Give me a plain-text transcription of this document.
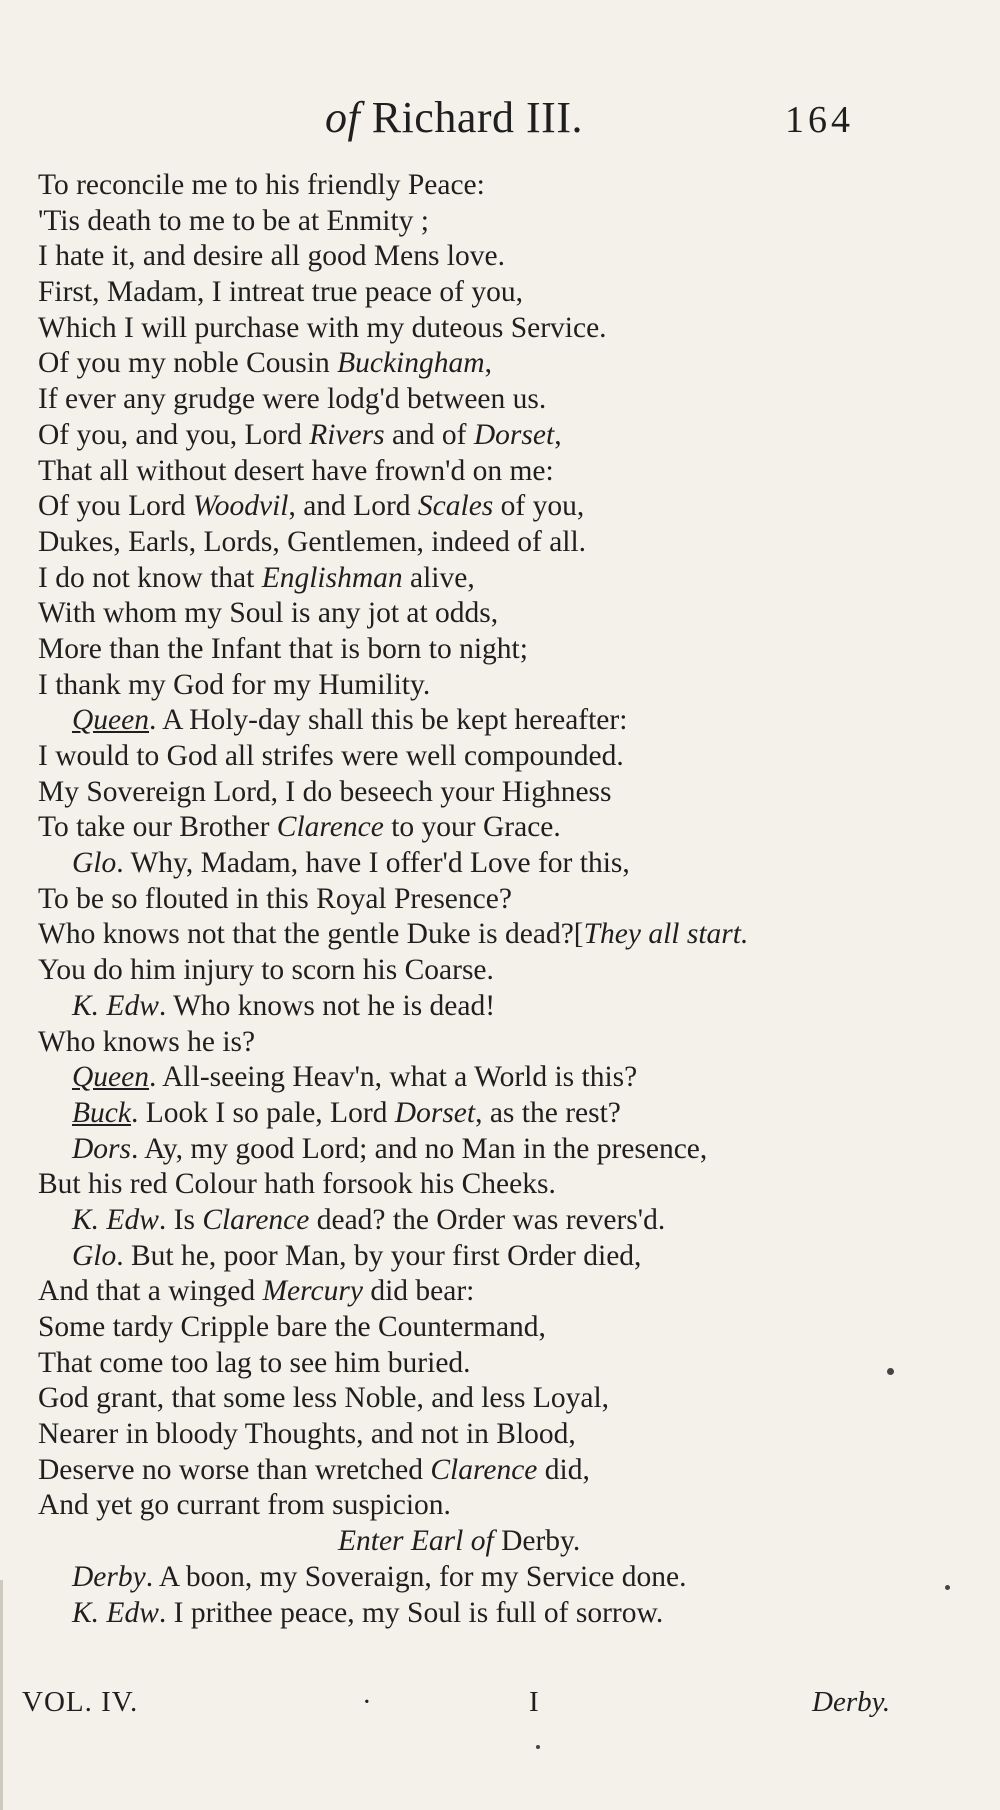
of Richard III.	164
To reconcile me to his friendly Peace:
'Tis death to me to be at Enmity ;
I hate it, and desire all good Mens love.
First, Madam, I intreat true peace of you,
Which I will purchase with my duteous Service.
Of you my noble Cousin Buckingham,
If ever any grudge were lodg'd between us.
Of you, and you, Lord Rivers and of Dorset,
That all without desert have frown'd on me:
Of you Lord Woodvil, and Lord Scales of you,
Dukes, Earls, Lords, Gentlemen, indeed of all.
I do not know that Englishman alive,
With whom my Soul is any jot at odds,
More than the Infant that is born to night;
I thank my God for my Humility.
Queen. A Holy-day shall this be kept hereafter:
I would to God all strifes were well compounded.
My Sovereign Lord, I do beseech your Highness
To take our Brother Clarence to your Grace.
Glo. Why, Madam, have I offer'd Love for this,
To be so flouted in this Royal Presence?
Who knows not that the gentle Duke is dead?[They all start.
You do him injury to scorn his Coarse.
K. Edw. Who knows not he is dead!
Who knows he is?
Queen. All-seeing Heav'n, what a World is this?
Buck. Look I so pale, Lord Dorset, as the rest?
Dors. Ay, my good Lord; and no Man in the presence,
But his red Colour hath forsook his Cheeks.
K. Edw. Is Clarence dead? the Order was revers'd.
Glo. But he, poor Man, by your first Order died,
And that a winged Mercury did bear:
Some tardy Cripple bare the Countermand,
That come too lag to see him buried.
God grant, that some less Noble, and less Loyal,
Nearer in bloody Thoughts, and not in Blood,
Deserve no worse than wretched Clarence did,
And yet go currant from suspicion.
Enter Earl of Derby.
Derby. A boon, my Soveraign, for my Service done.
K. Edw. I prithee peace, my Soul is full of sorrow.
VOL. IV.	·	I	Derby.
